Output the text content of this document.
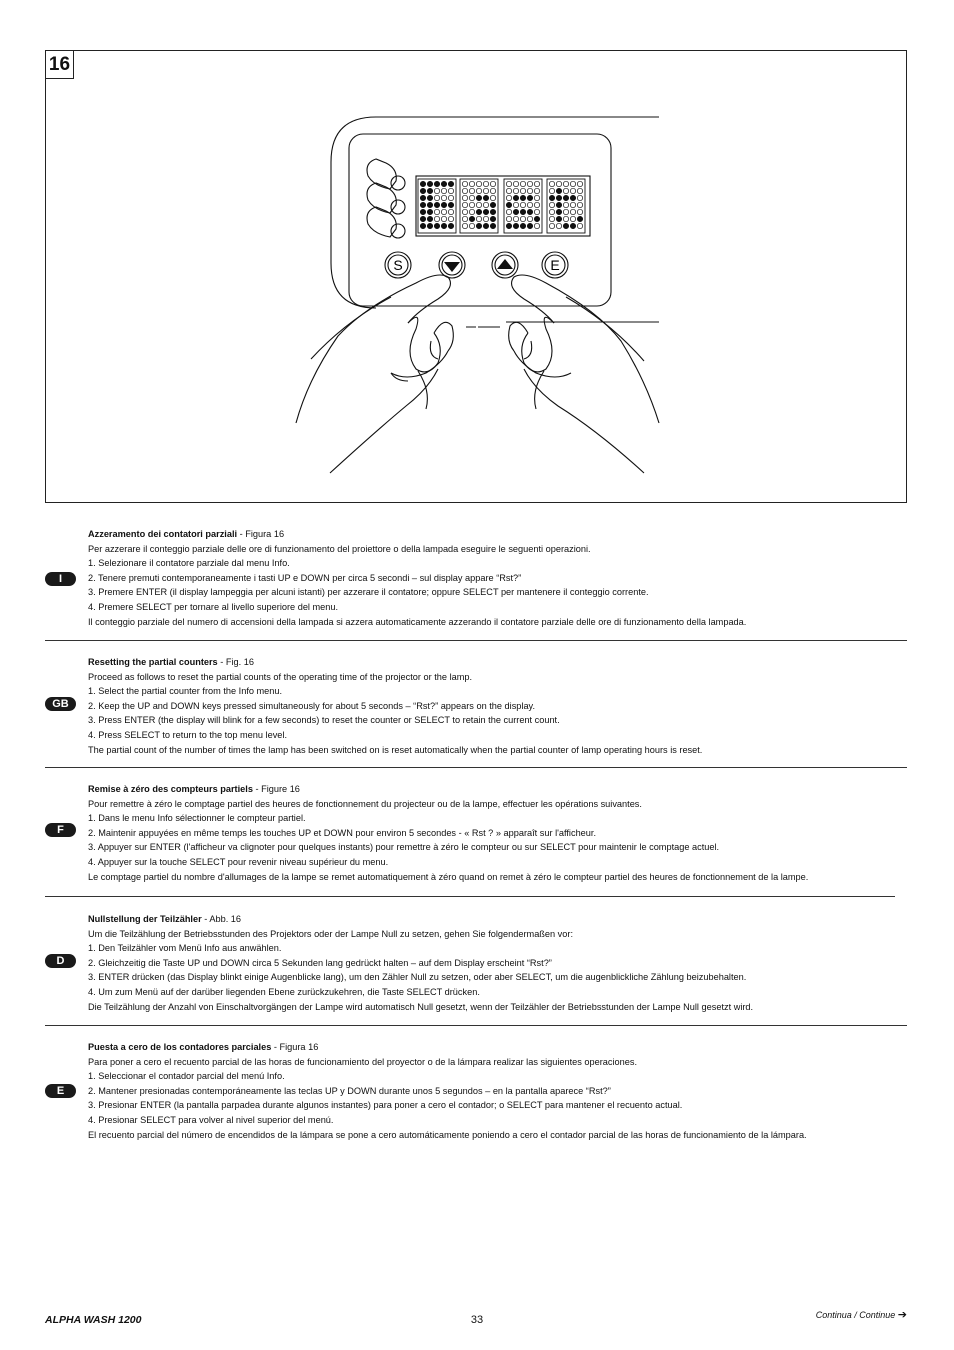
16
S	E
I

Azzeramento dei contatori parziali - Figura 16

Per azzerare il conteggio parziale delle ore di funzionamento del proiettore o della lampada eseguire le seguenti operazioni.

1. Selezionare il contatore parziale dal menu Info.

2. Tenere premuti contemporaneamente i tasti UP e DOWN per circa 5 secondi – sul display appare “Rst?”

3. Premere ENTER (il display lampeggia per alcuni istanti) per azzerare il contatore; oppure SELECT per mantenere il conteggio corrente.

4. Premere SELECT per tornare al livello superiore del menu.

Il conteggio parziale del numero di accensioni della lampada si azzera automaticamente azzerando il contatore parziale delle ore di funzionamento della lampada.

GB

Resetting the partial counters - Fig. 16

Proceed as follows to reset the partial counts of the operating time of the projector or the lamp.

1. Select the partial counter from the Info menu.

2. Keep the UP and DOWN keys pressed simultaneously for about 5 seconds – “Rst?” appears on the display.

3. Press ENTER (the display will blink for a few seconds) to reset the counter or SELECT to retain the current count.

4. Press SELECT to return to the top menu level.

The partial count of the number of times the lamp has been switched on is reset automatically when the partial counter of lamp operating hours is reset.

F

Remise à zéro des compteurs partiels - Figure 16

Pour remettre à zéro le comptage partiel des heures de fonctionnement du projecteur ou de la lampe, effectuer les opérations suivantes.

1. Dans le menu Info sélectionner le compteur partiel.

2. Maintenir appuyées en même temps les touches UP et DOWN pour environ 5 secondes - « Rst ? » apparaît sur l'afficheur.

3. Appuyer sur ENTER (l'afficheur va clignoter pour quelques instants) pour remettre à zéro le compteur ou sur SELECT pour maintenir le comptage actuel.

4. Appuyer sur la touche SELECT pour revenir niveau supérieur du menu.

Le comptage partiel du nombre d'allumages de la lampe se remet automatiquement à zéro quand on remet à zéro le compteur partiel des heures de fonctionnement de la lampe.

D

Nullstellung der Teilzähler - Abb. 16

Um die Teilzählung der Betriebsstunden des Projektors oder der Lampe Null zu setzen, gehen Sie folgendermaßen vor:

1. Den Teilzähler vom Menü Info aus anwählen.

2. Gleichzeitig die Taste UP und DOWN circa 5 Sekunden lang gedrückt halten – auf dem Display erscheint “Rst?”

3. ENTER drücken (das Display blinkt einige Augenblicke lang), um den Zähler Null zu setzen, oder aber SELECT, um die augenblickliche Zählung beizubehalten.

4. Um zum Menü auf der darüber liegenden Ebene zurückzukehren, die Taste SELECT drücken.

Die Teilzählung der Anzahl von Einschaltvorgängen der Lampe wird automatisch Null gesetzt, wenn der Teilzähler der Betriebsstunden der Lampe Null gesetzt wird.

E

Puesta a cero de los contadores parciales - Figura 16

Para poner a cero el recuento parcial de las horas de funcionamiento del proyector o de la lámpara realizar las siguientes operaciones.

1. Seleccionar el contador parcial del menú Info.

2. Mantener presionadas contemporáneamente las teclas UP y DOWN durante unos 5 segundos – en la pantalla aparece “Rst?”

3. Presionar ENTER (la pantalla parpadea durante algunos instantes) para poner a cero el contador; o SELECT para mantener el recuento actual.

4. Presionar SELECT para volver al nivel superior del menú.

El recuento parcial del número de encendidos de la lámpara se pone a cero automáticamente poniendo a cero el contador parcial de las horas de funcionamiento de la lámpara.

ALPHA WASH 1200	33	Continua / Continue ➔
